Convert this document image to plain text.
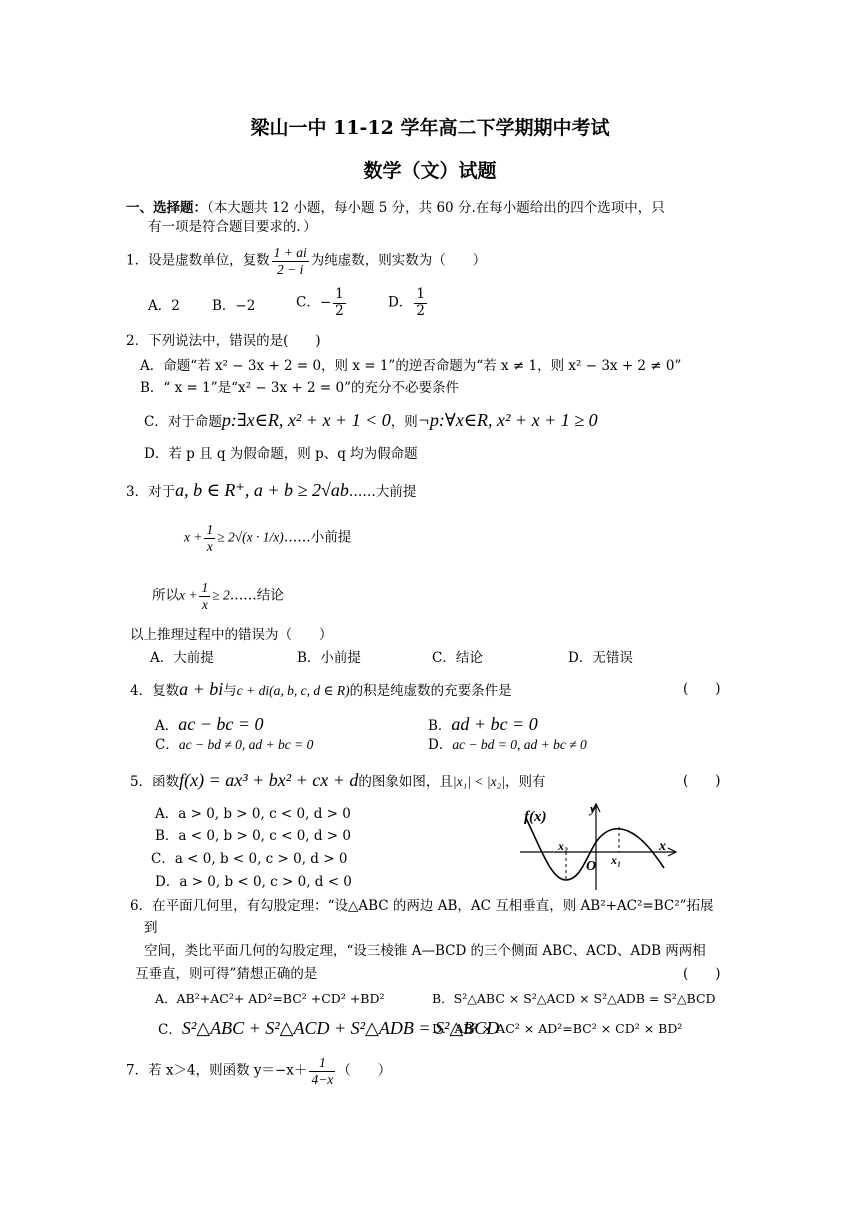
梁山一中 11-12 学年高二下学期期中考试
数学（文）试题
一、选择题：（本大题共 12 小题，每小题 5 分，共 60 分.在每小题给出的四个选项中，只
有一项是符合题目要求的．）
1．设是虚数单位，复数 $\frac{1 + ai}{2 - i}$ 为纯虚数，则实数为（　　）
A．2 B．−2	C．− $\frac{1}{2}$	D． $\frac{1}{2}$
2．下列说法中，错误的是(　　)
A．命题“若 x² − 3x + 2 = 0，则 x = 1”的逆否命题为“若 x ≠ 1，则 x² − 3x + 2 ≠ 0”
B．“ x = 1”是“x² − 3x + 2 = 0”的充分不必要条件
C．对于命题p:∃x∈R, x² + x + 1 < 0，则¬p:∀x∈R, x² + x + 1 ≥ 0
D．若 p 且 q 为假命题，则 p、q 均为假命题
3．对于a, b ∈ R⁺, a + b ≥ 2√ab……大前提
$x + \frac{1}{x} \ge 2√(x$ · 1/x)……小前提
所以$x + \frac{1}{x}$ ≥ 2……结论
以上推理过程中的错误为（　　）
A．大前提	B．小前提	C．结论	D．无错误
4．复数a + bi与c + di(a, b, c, d ∈ R)的积是纯虚数的充要条件是	(　　)
A．ac − bc = 0	B．ad + bc = 0
C．ac − bd ≠ 0, ad + bc = 0	D．ac − bd = 0, ad + bc ≠ 0
5．函数f(x) = ax³ + bx² + cx + d的图象如图，且|x₁| < |x₂|，则有	(　　)
A．a > 0, b > 0, c < 0, d > 0
B．a < 0, b > 0, c < 0, d > 0
C．a < 0, b < 0, c > 0, d > 0
D．a > 0, b < 0, c > 0, d < 0
f(x)
y
x
O x₁
x₂
6．在平面几何里，有勾股定理：“设△ABC 的两边 AB，AC 互相垂直，则 AB²+AC²=BC²”拓展
到
空间，类比平面几何的勾股定理，“设三棱锥 A—BCD 的三个侧面 ABC、ACD、ADB 两两相
互垂直，则可得”猜想正确的是	(　　)
A．AB²+AC²+ AD²=BC² +CD² +BD²	B．S²△ABC × S²△ACD × S²△ADB = S²△BCD
C．S²△ABC + S²△ACD + S²△ADB = S²△BCD
D．AB² × AC² × AD²=BC² × CD² × BD²
7．若 x＞4，则函数 $y=-x+ \frac{1}{4-x}$ （　　）
